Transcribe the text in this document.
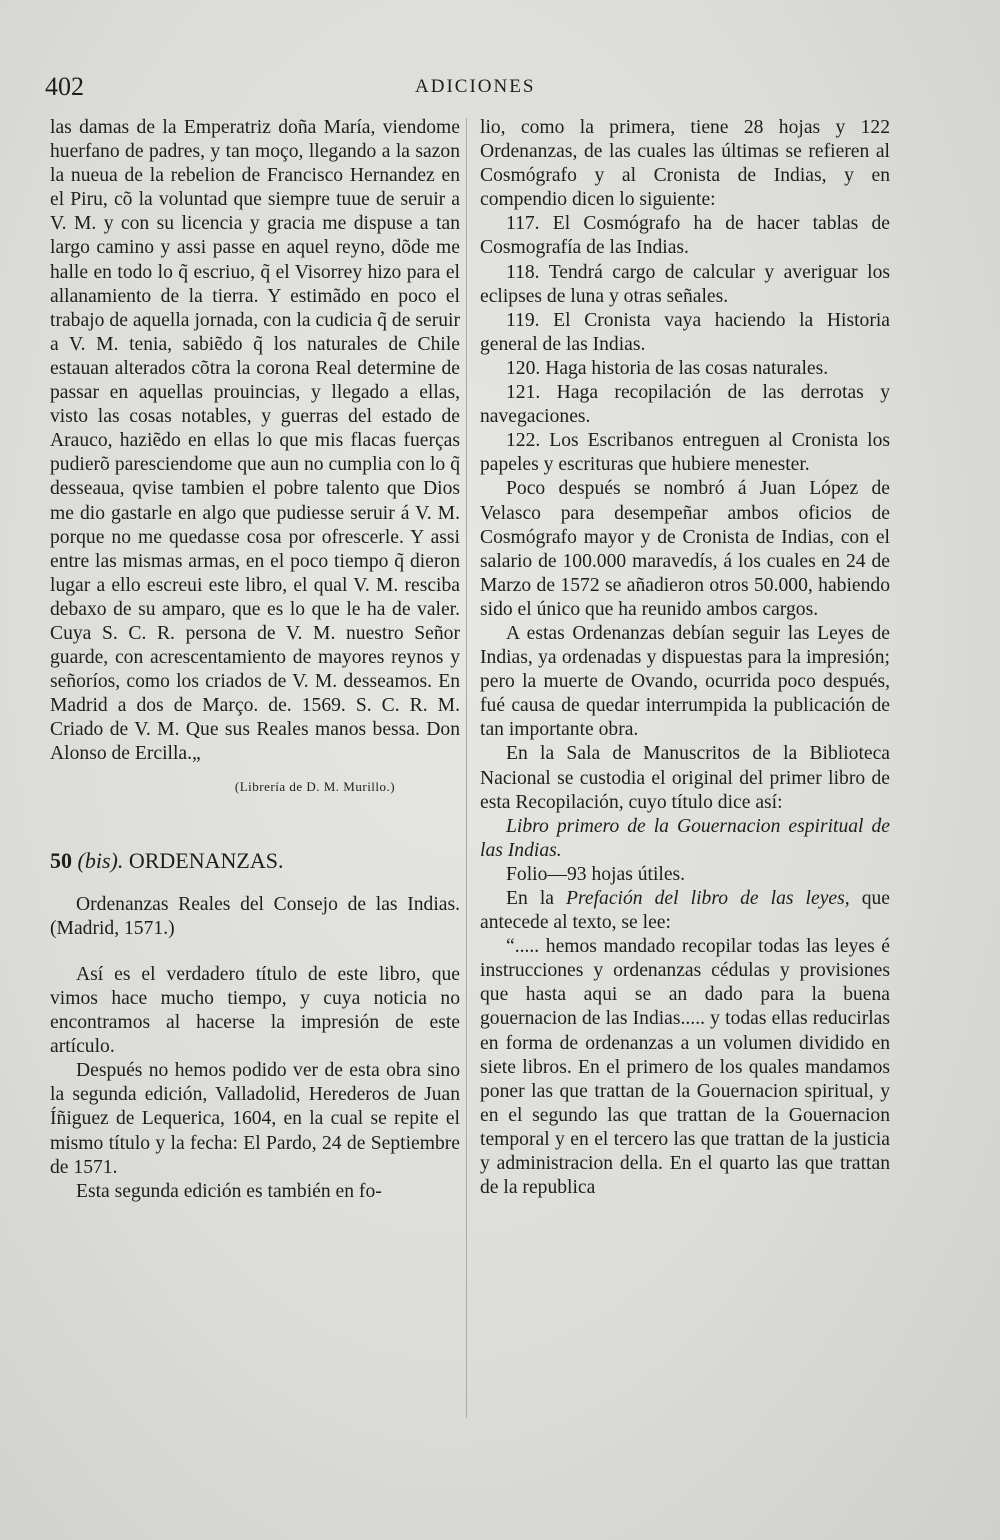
402	ADICIONES

las damas de la Emperatriz doña María, viendome huerfano de padres, y tan moço, llegando a la sazon la nueua de la rebelion de Francisco Hernandez en el Piru, cõ la voluntad que siempre tuue de seruir a V. M. y con su licencia y gracia me dispuse a tan largo camino y assi passe en aquel reyno, dõde me halle en todo lo q̃ escriuo, q̃ el Visorrey hizo para el allanamiento de la tierra. Y estimãdo en poco el trabajo de aquella jornada, con la cudicia q̃ de seruir a V. M. tenia, sabiẽdo q̃ los naturales de Chile estauan alterados cõtra la corona Real determine de passar en aquellas prouincias, y llegado a ellas, visto las cosas notables, y guerras del estado de Arauco, haziẽdo en ellas lo que mis flacas fuerças pudierõ paresciendome que aun no cumplia con lo q̃ desseaua, qvise tambien el pobre talento que Dios me dio gastarle en algo que pudiesse seruir á V. M. porque no me quedasse cosa por ofrescerle. Y assi entre las mismas armas, en el poco tiempo q̃ dieron lugar a ello escreui este libro, el qual V. M. resciba debaxo de su amparo, que es lo que le ha de valer. Cuya S. C. R. persona de V. M. nuestro Señor guarde, con acrescentamiento de mayores reynos y señoríos, como los criados de V. M. desseamos. En Madrid a dos de Março. de. 1569. S. C. R. M. Criado de V. M. Que sus Reales manos bessa. Don Alonso de Ercilla.„

(Librería de D. M. Murillo.)

50 (bis). ORDENANZAS.

Ordenanzas Reales del Consejo de las Indias. (Madrid, 1571.)

Así es el verdadero título de este libro, que vimos hace mucho tiempo, y cuya noticia no encontramos al hacerse la impresión de este artículo.

Después no hemos podido ver de esta obra sino la segunda edición, Valladolid, Herederos de Juan Íñiguez de Lequerica, 1604, en la cual se repite el mismo título y la fecha: El Pardo, 24 de Septiembre de 1571.

Esta segunda edición es también en fo-

lio, como la primera, tiene 28 hojas y 122 Ordenanzas, de las cuales las últimas se refieren al Cosmógrafo y al Cronista de Indias, y en compendio dicen lo siguiente:

117. El Cosmógrafo ha de hacer tablas de Cosmografía de las Indias.

118. Tendrá cargo de calcular y averiguar los eclipses de luna y otras señales.

119. El Cronista vaya haciendo la Historia general de las Indias.

120. Haga historia de las cosas naturales.

121. Haga recopilación de las derrotas y navegaciones.

122. Los Escribanos entreguen al Cronista los papeles y escrituras que hubiere menester.

Poco después se nombró á Juan López de Velasco para desempeñar ambos oficios de Cosmógrafo mayor y de Cronista de Indias, con el salario de 100.000 maravedís, á los cuales en 24 de Marzo de 1572 se añadieron otros 50.000, habiendo sido el único que ha reunido ambos cargos.

A estas Ordenanzas debían seguir las Leyes de Indias, ya ordenadas y dispuestas para la impresión; pero la muerte de Ovando, ocurrida poco después, fué causa de quedar interrumpida la publicación de tan importante obra.

En la Sala de Manuscritos de la Biblioteca Nacional se custodia el original del primer libro de esta Recopilación, cuyo título dice así:

Libro primero de la Gouernacion espiritual de las Indias.

Folio—93 hojas útiles.

En la Prefación del libro de las leyes, que antecede al texto, se lee:

“..... hemos mandado recopilar todas las leyes é instrucciones y ordenanzas cédulas y provisiones que hasta aqui se an dado para la buena gouernacion de las Indias..... y todas ellas reducirlas en forma de ordenanzas a un volumen dividido en siete libros. En el primero de los quales mandamos poner las que trattan de la Gouernacion spiritual, y en el segundo las que trattan de la Gouernacion temporal y en el tercero las que trattan de la justicia y administracion della. En el quarto las que trattan de la republica
